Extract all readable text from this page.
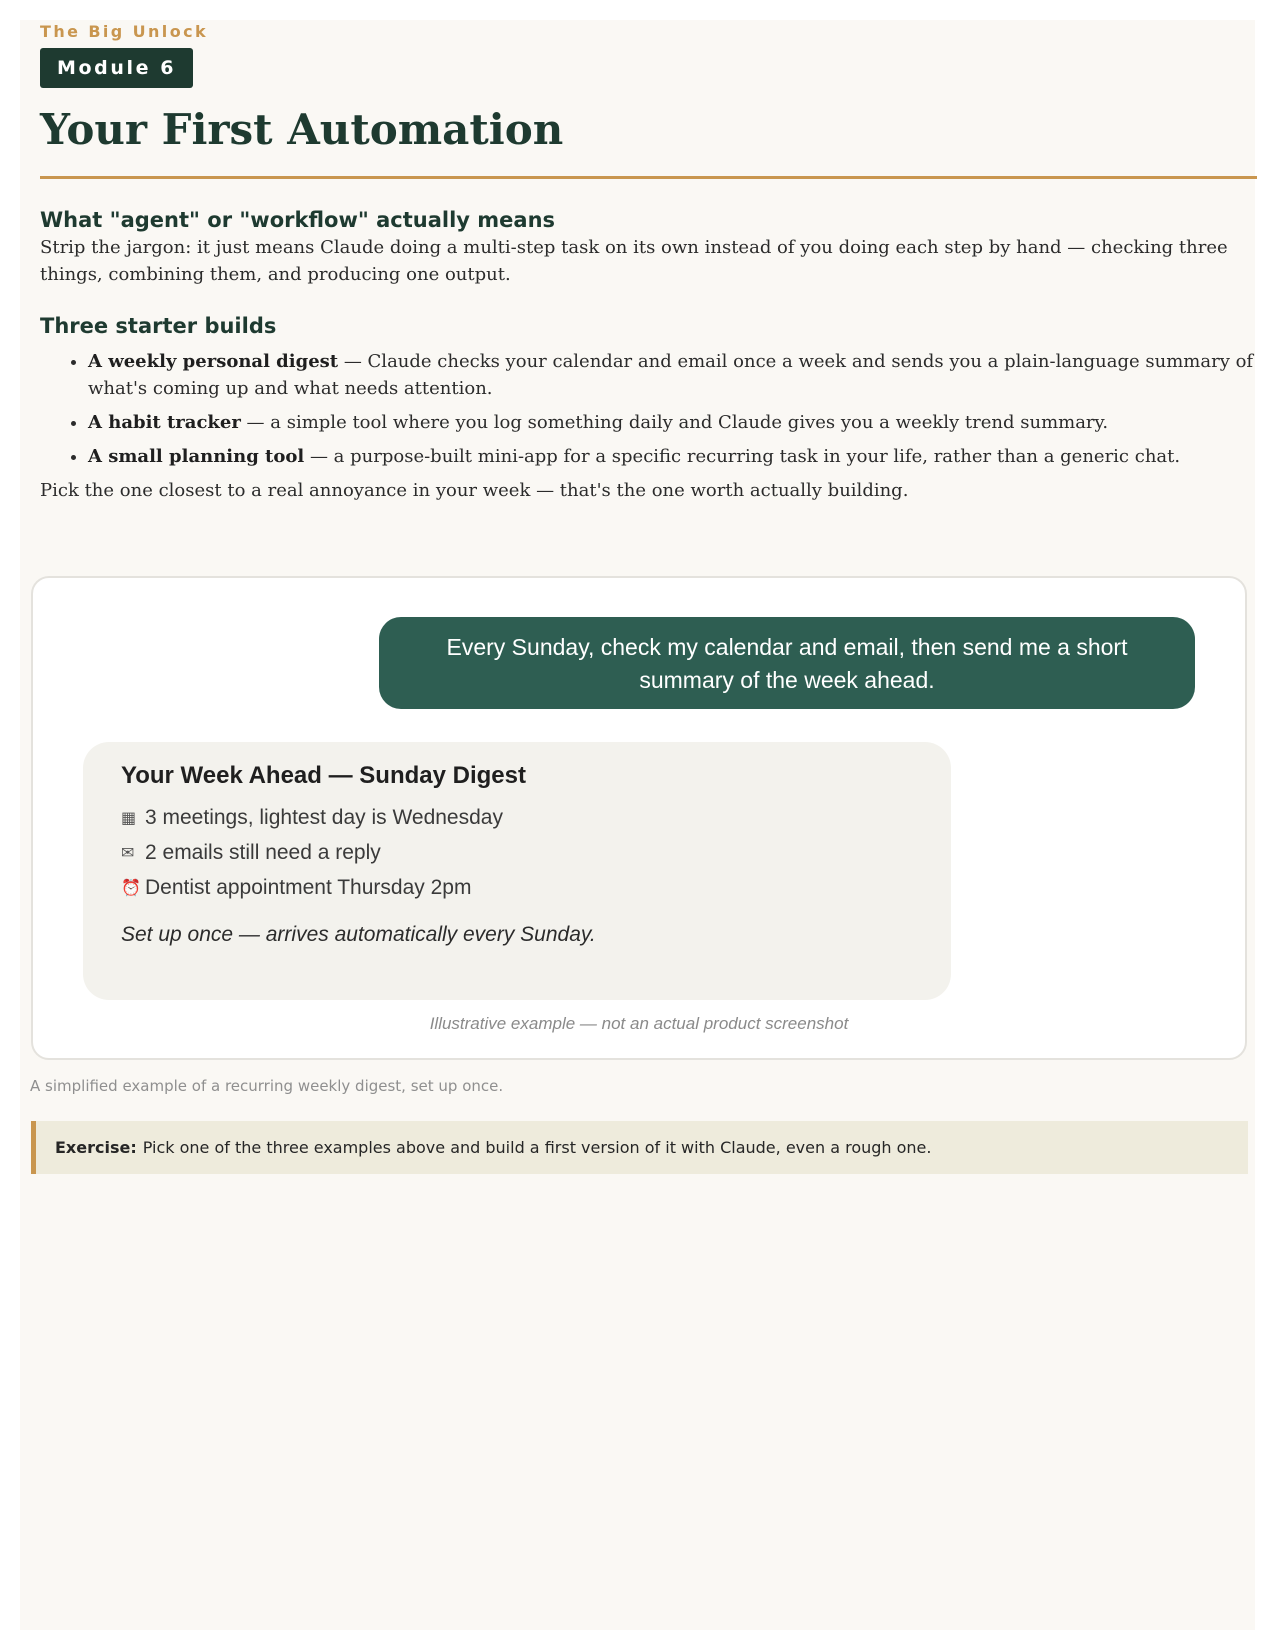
The Big Unlock
Module 6
Your First Automation
What "agent" or "workflow" actually means

Strip the jargon: it just means Claude doing a multi-step task on its own instead of you doing each step by hand — checking three things, combining them, and producing one output.

Three starter builds
• A weekly personal digest — Claude checks your calendar and email once a week and sends you a plain-language summary of what's coming up and what needs attention.
• A habit tracker — a simple tool where you log something daily and Claude gives you a weekly trend summary.
• A small planning tool — a purpose-built mini-app for a specific recurring task in your life, rather than a generic chat.

Pick the one closest to a real annoyance in your week — that's the one worth actually building.

Every Sunday, check my calendar and email, then send me a short summary of the week ahead.
Your Week Ahead — Sunday Digest
▦ 3 meetings, lightest day is Wednesday
✉ 2 emails still need a reply
⏰ Dentist appointment Thursday 2pm
Set up once — arrives automatically every Sunday.
Illustrative example — not an actual product screenshot
A simplified example of a recurring weekly digest, set up once.
Exercise: Pick one of the three examples above and build a first version of it with Claude, even a rough one.
